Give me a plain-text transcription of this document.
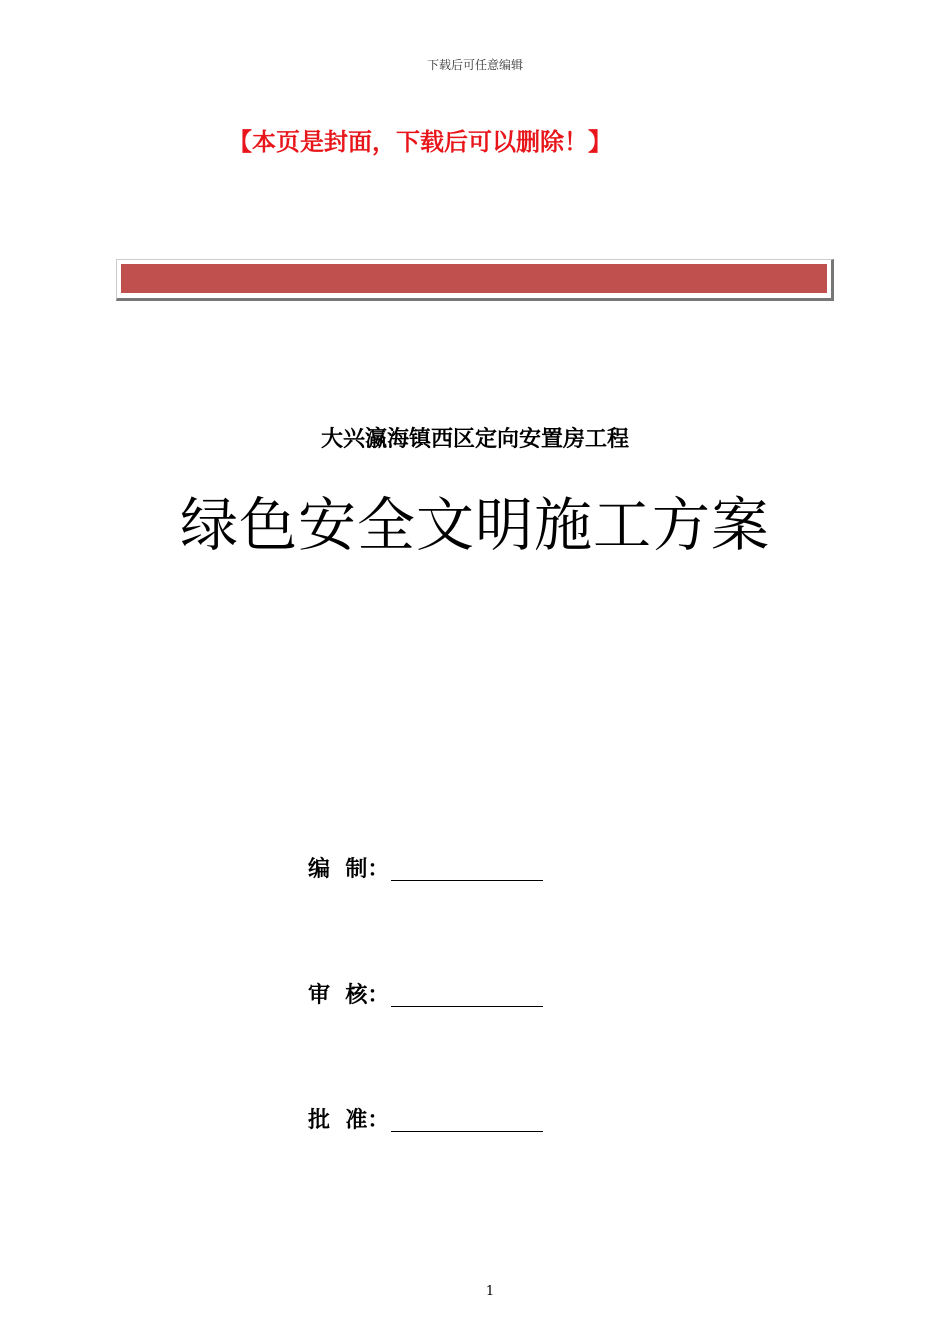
下载后可任意编辑
【本页是封面，下载后可以删除！】
大兴瀛海镇西区定向安置房工程
绿色安全文明施工方案
编  制：
审  核：
批  准：
1
